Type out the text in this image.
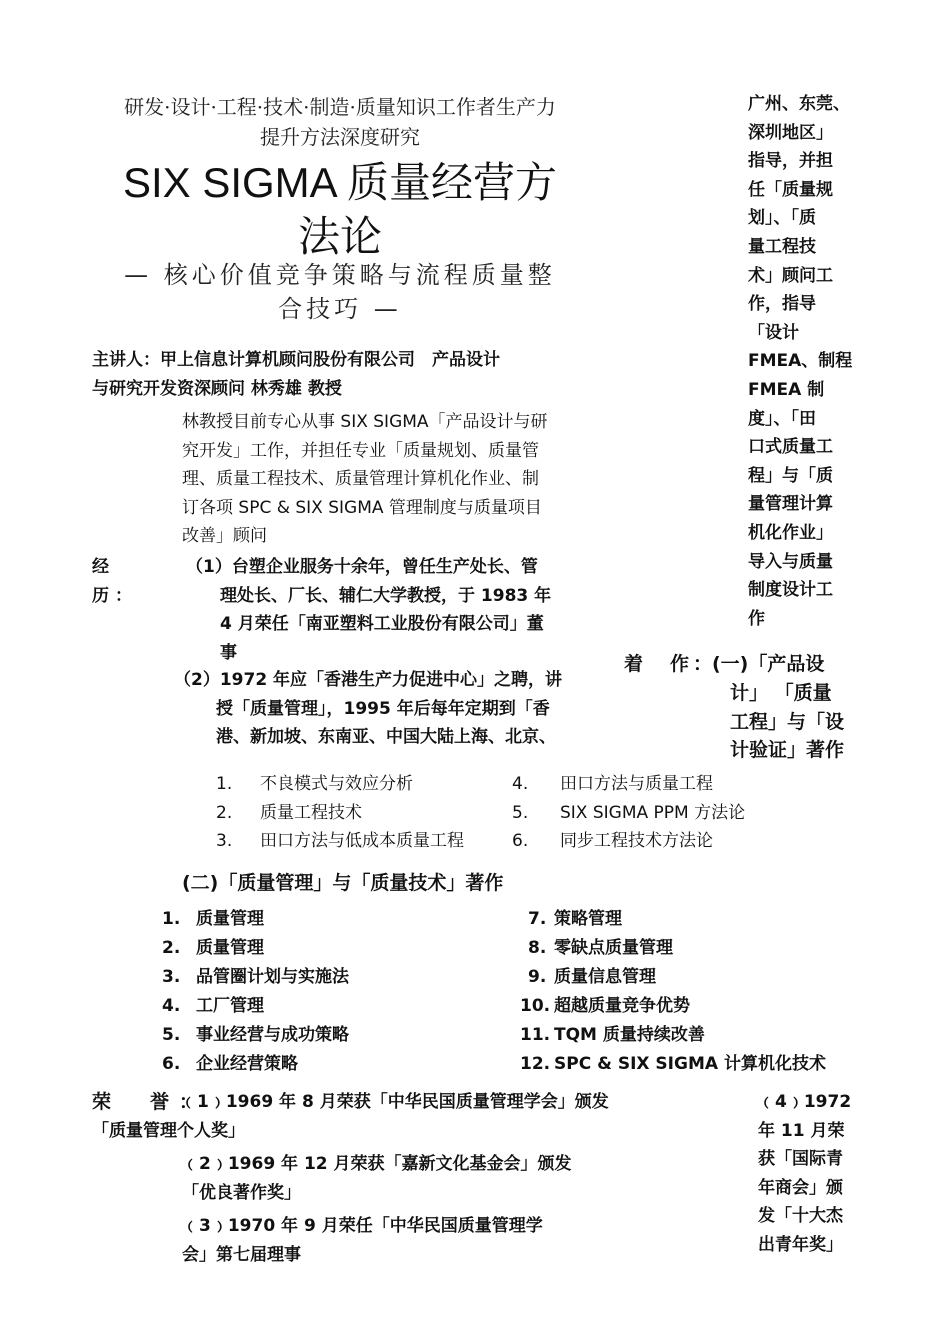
研发·设计·工程·技术·制造·质量知识工作者生产力
提升方法深度研究
SIX SIGMA 质量经营方
法论
— 核心价值竞争策略与流程质量整
合技巧 —
广州、东莞、
深圳地区」
指导，并担
任「质量规
划」、「质
量工程技
术」顾问工
作，指导
「设计
FMEA、制程
FMEA 制
度」、「田
口式质量工
程」与「质
量管理计算
机化作业」
导入与质量
制度设计工
作
主讲人：甲上信息计算机顾问股份有限公司　产品设计
与研究开发资深顾问 林秀雄 教授
林教授目前专心从事 SIX SIGMA「产品设计与研
究开发」工作，并担任专业「质量规划、质量管
理、质量工程技术、质量管理计算机化作业、制
订各项 SPC & SIX SIGMA 管理制度与质量项目
改善」顾问
经　历：
（1）台塑企业服务十余年，曾任生产处长、管
理处长、厂长、辅仁大学教授，于 1983 年
4 月荣任「南亚塑料工业股份有限公司」董
事
（2）1972 年应「香港生产力促进中心」之聘，讲
授「质量管理」，1995 年后每年定期到「香
港、新加坡、东南亚、中国大陆上海、北京、
着　作：
(一)「产品设
计」 「质量
工程」与「设
计验证」著作
1. 不良模式与效应分析
2. 质量工程技术
3. 田口方法与低成本质量工程
4. 田口方法与质量工程
5. SIX SIGMA PPM 方法论
6. 同步工程技术方法论
(二)「质量管理」与「质量技术」著作
1. 质量管理
2. 质量管理
3. 品管圈计划与实施法
4. 工厂管理
5. 事业经营与成功策略
6. 企业经营策略
7. 策略管理
8. 零缺点质量管理
9. 质量信息管理
10. 超越质量竞争优势
11. TQM 质量持续改善
12. SPC & SIX SIGMA 计算机化技术
荣　誉：
﹙1﹚1969 年 8 月荣获「中华民国质量管理学会」颁发
「质量管理个人奖」
﹙2﹚1969 年 12 月荣获「嘉新文化基金会」颁发
「优良著作奖」
﹙3﹚1970 年 9 月荣任「中华民国质量管理学
会」第七届理事
﹙4﹚1972
年 11 月荣
获「国际青
年商会」颁
发「十大杰
出青年奖」
